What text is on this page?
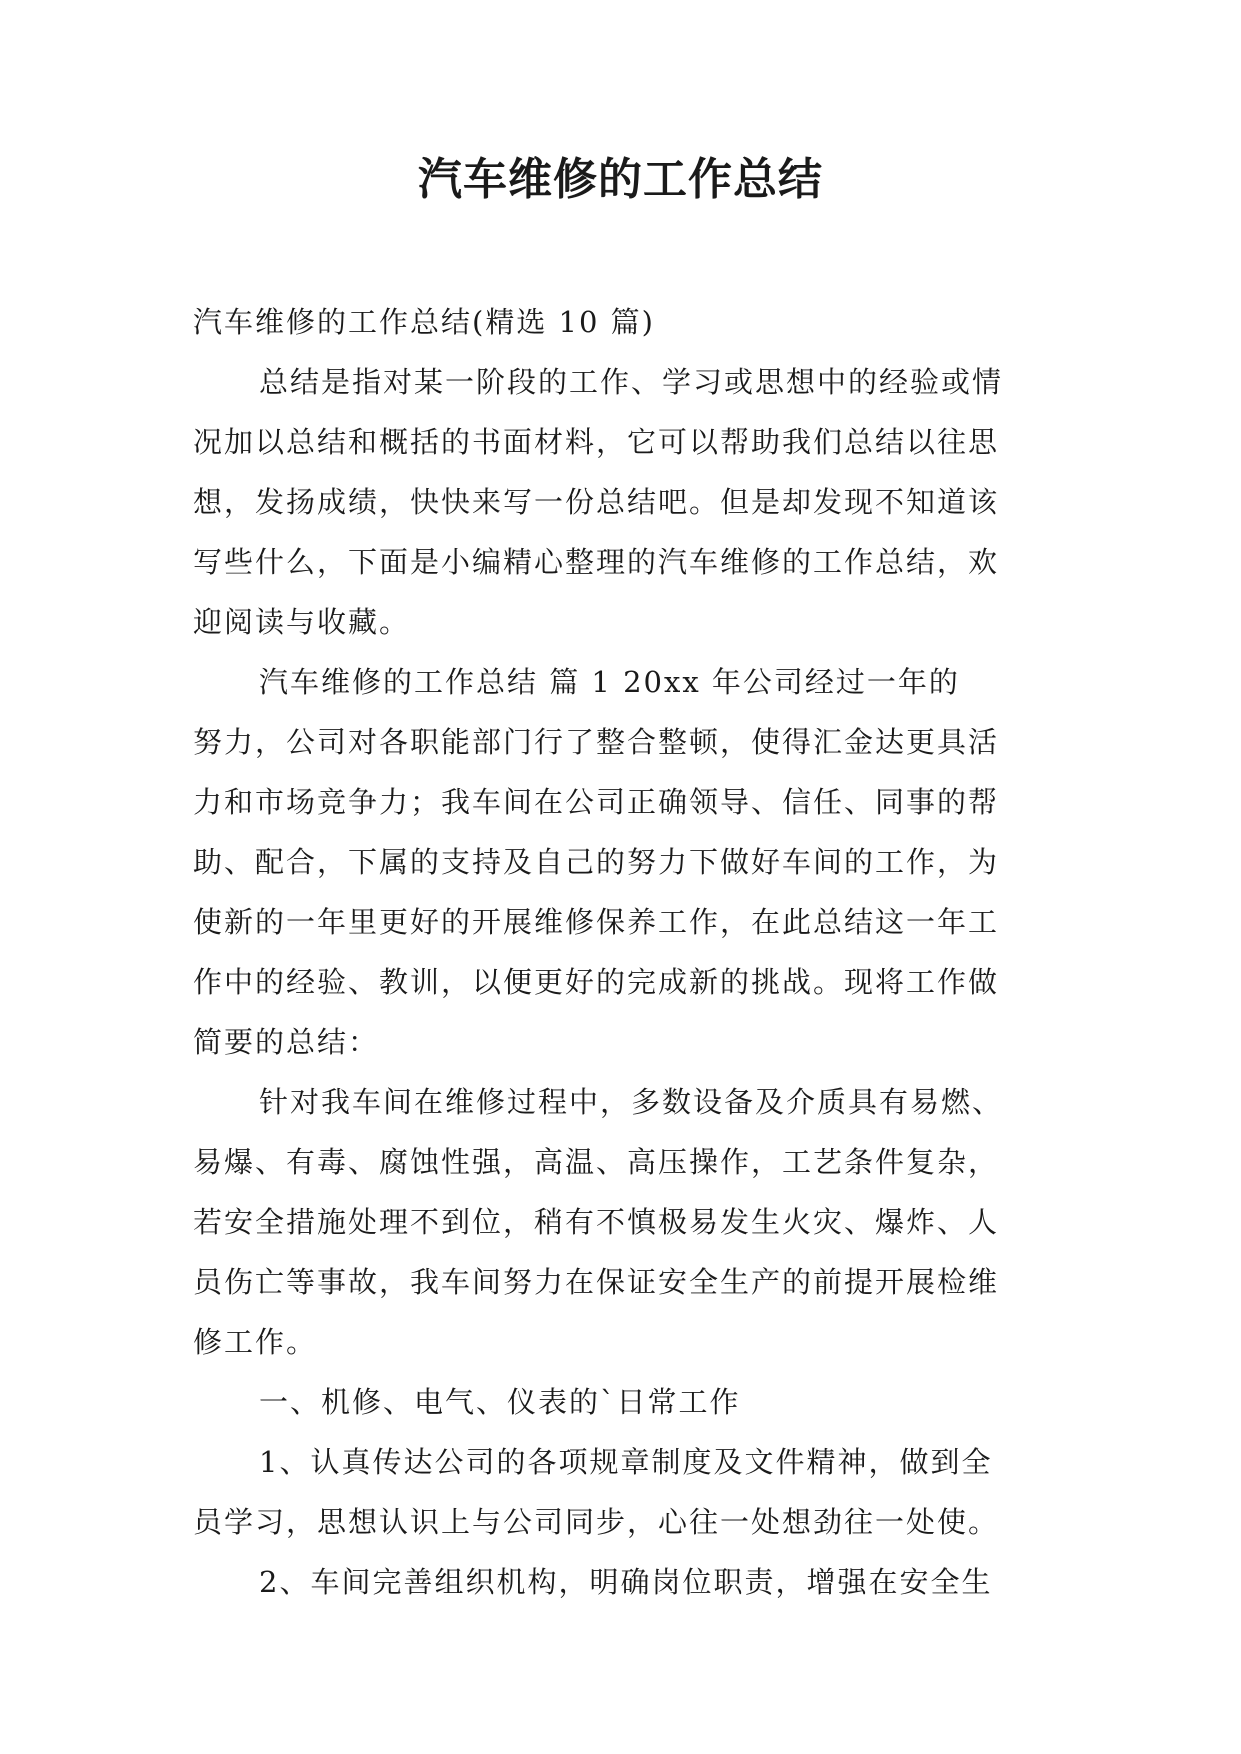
汽车维修的工作总结
汽车维修的工作总结(精选 10 篇)
总结是指对某一阶段的工作、学习或思想中的经验或情
况加以总结和概括的书面材料，它可以帮助我们总结以往思
想，发扬成绩，快快来写一份总结吧。但是却发现不知道该
写些什么，下面是小编精心整理的汽车维修的工作总结，欢
迎阅读与收藏。
汽车维修的工作总结 篇 1 20xx 年公司经过一年的
努力，公司对各职能部门行了整合整顿，使得汇金达更具活
力和市场竞争力；我车间在公司正确领导、信任、同事的帮
助、配合，下属的支持及自己的努力下做好车间的工作，为
使新的一年里更好的开展维修保养工作，在此总结这一年工
作中的经验、教训，以便更好的完成新的挑战。现将工作做
简要的总结：
针对我车间在维修过程中，多数设备及介质具有易燃、
易爆、有毒、腐蚀性强，高温、高压操作，工艺条件复杂，
若安全措施处理不到位，稍有不慎极易发生火灾、爆炸、人
员伤亡等事故，我车间努力在保证安全生产的前提开展检维
修工作。
一、机修、电气、仪表的`日常工作
1、认真传达公司的各项规章制度及文件精神，做到全
员学习，思想认识上与公司同步，心往一处想劲往一处使。
2、车间完善组织机构，明确岗位职责，增强在安全生
